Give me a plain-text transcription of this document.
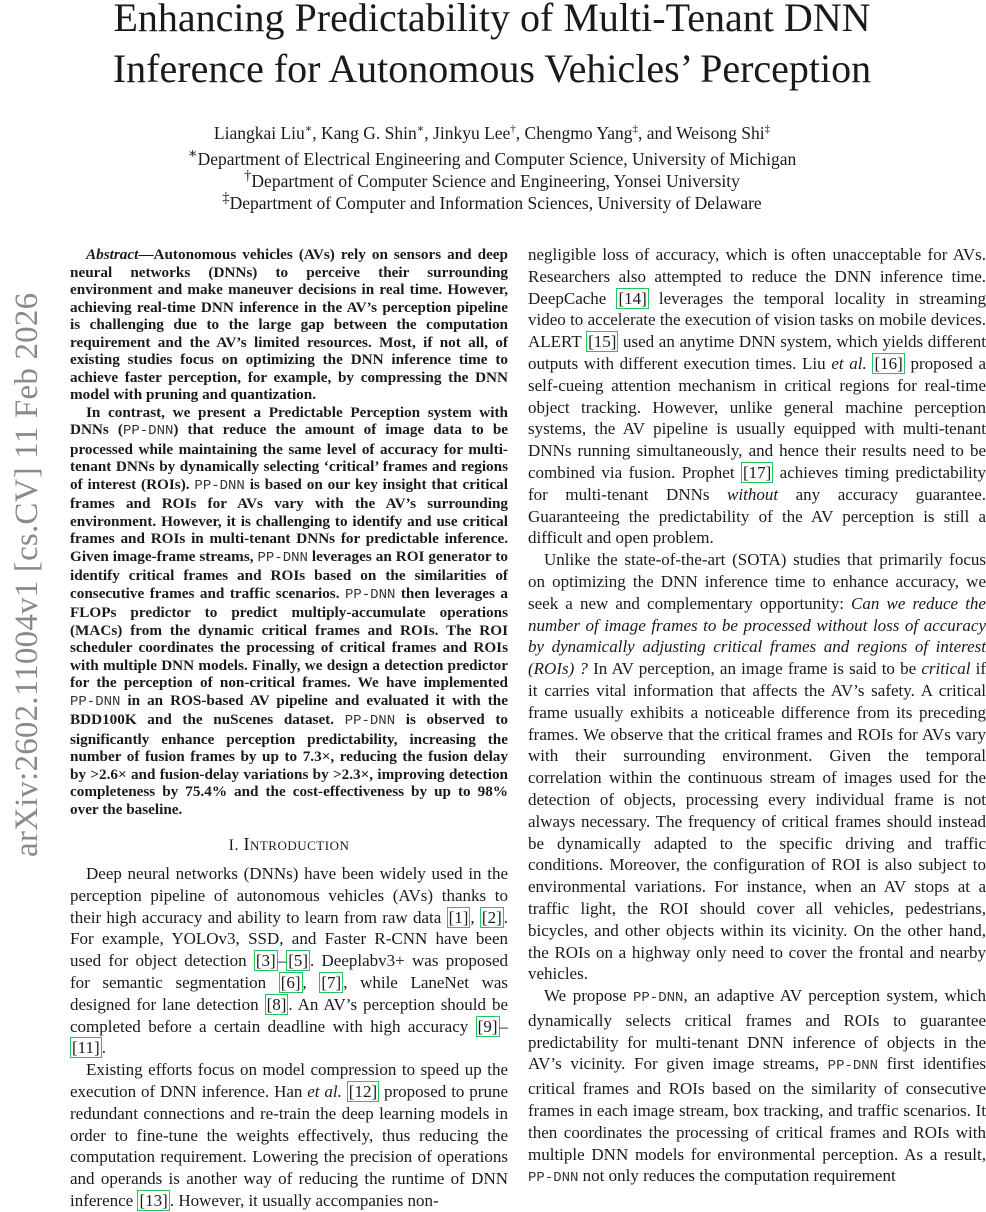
Enhancing Predictability of Multi-Tenant DNN
Inference for Autonomous Vehicles’ Perception
Liangkai Liu∗, Kang G. Shin∗, Jinkyu Lee†, Chengmo Yang‡, and Weisong Shi‡
∗Department of Electrical Engineering and Computer Science, University of Michigan
†Department of Computer Science and Engineering, Yonsei University
‡Department of Computer and Information Sciences, University of Delaware
arXiv:2602.11004v1 [cs.CV] 11 Feb 2026

Abstract—Autonomous vehicles (AVs) rely on sensors and deep neural networks (DNNs) to perceive their surrounding environment and make maneuver decisions in real time. However, achieving real-time DNN inference in the AV’s perception pipeline is challenging due to the large gap between the computation requirement and the AV’s limited resources. Most, if not all, of existing studies focus on optimizing the DNN inference time to achieve faster perception, for example, by compressing the DNN model with pruning and quantization.

In contrast, we present a Predictable Perception system with DNNs (PP-DNN) that reduce the amount of image data to be processed while maintaining the same level of accuracy for multi-tenant DNNs by dynamically selecting ‘critical’ frames and regions of interest (ROIs). PP-DNN is based on our key insight that critical frames and ROIs for AVs vary with the AV’s surrounding environment. However, it is challenging to identify and use critical frames and ROIs in multi-tenant DNNs for predictable inference. Given image-frame streams, PP-DNN leverages an ROI generator to identify critical frames and ROIs based on the similarities of consecutive frames and traffic scenarios. PP-DNN then leverages a FLOPs predictor to predict multiply-accumulate operations (MACs) from the dynamic critical frames and ROIs. The ROI scheduler coordinates the processing of critical frames and ROIs with multiple DNN models. Finally, we design a detection predictor for the perception of non-critical frames. We have implemented PP-DNN in an ROS-based AV pipeline and evaluated it with the BDD100K and the nuScenes dataset. PP-DNN is observed to significantly enhance perception predictability, increasing the number of fusion frames by up to 7.3×, reducing the fusion delay by >2.6× and fusion-delay variations by >2.3×, improving detection completeness by 75.4% and the cost-effectiveness by up to 98% over the baseline.

I. Introduction

Deep neural networks (DNNs) have been widely used in the perception pipeline of autonomous vehicles (AVs) thanks to their high accuracy and ability to learn from raw data [1] , [2] . For example, YOLOv3, SSD, and Faster R-CNN have been used for object detection [3] – [5] . Deeplabv3+ was proposed for semantic segmentation [6] , [7] , while LaneNet was designed for lane detection [8] . An AV’s perception should be completed before a certain deadline with high accuracy [9] –[11] .

Existing efforts focus on model compression to speed up the execution of DNN inference. Han et al. [12] proposed to prune redundant connections and re-train the deep learning models in order to fine-tune the weights effectively, thus reducing the computation requirement. Lowering the precision of operations and operands is another way of reducing the runtime of DNN inference [13] . However, it usually accompanies non-

negligible loss of accuracy, which is often unacceptable for AVs. Researchers also attempted to reduce the DNN inference time. DeepCache [14] leverages the temporal locality in streaming video to accelerate the execution of vision tasks on mobile devices. ALERT [15] used an anytime DNN system, which yields different outputs with different execution times. Liu et al. [16] proposed a self-cueing attention mechanism in critical regions for real-time object tracking. However, unlike general machine perception systems, the AV pipeline is usually equipped with multi-tenant DNNs running simultaneously, and hence their results need to be combined via fusion. Prophet [17] achieves timing predictability for multi-tenant DNNs without any accuracy guarantee. Guaranteeing the predictability of the AV perception is still a difficult and open problem.

Unlike the state-of-the-art (SOTA) studies that primarily focus on optimizing the DNN inference time to enhance accuracy, we seek a new and complementary opportunity: Can we reduce the number of image frames to be processed without loss of accuracy by dynamically adjusting critical frames and regions of interest (ROIs) ? In AV perception, an image frame is said to be critical if it carries vital information that affects the AV’s safety. A critical frame usually exhibits a noticeable difference from its preceding frames. We observe that the critical frames and ROIs for AVs vary with their surrounding environment. Given the temporal correlation within the continuous stream of images used for the detection of objects, processing every individual frame is not always necessary. The frequency of critical frames should instead be dynamically adapted to the specific driving and traffic conditions. Moreover, the configuration of ROI is also subject to environmental variations. For instance, when an AV stops at a traffic light, the ROI should cover all vehicles, pedestrians, bicycles, and other objects within its vicinity. On the other hand, the ROIs on a highway only need to cover the frontal and nearby vehicles.

We propose PP-DNN, an adaptive AV perception system, which dynamically selects critical frames and ROIs to guarantee predictability for multi-tenant DNN inference of objects in the AV’s vicinity. For given image streams, PP-DNN first identifies critical frames and ROIs based on the similarity of consecutive frames in each image stream, box tracking, and traffic scenarios. It then coordinates the processing of critical frames and ROIs with multiple DNN models for environmental perception. As a result, PP-DNN not only reduces the computation requirement
